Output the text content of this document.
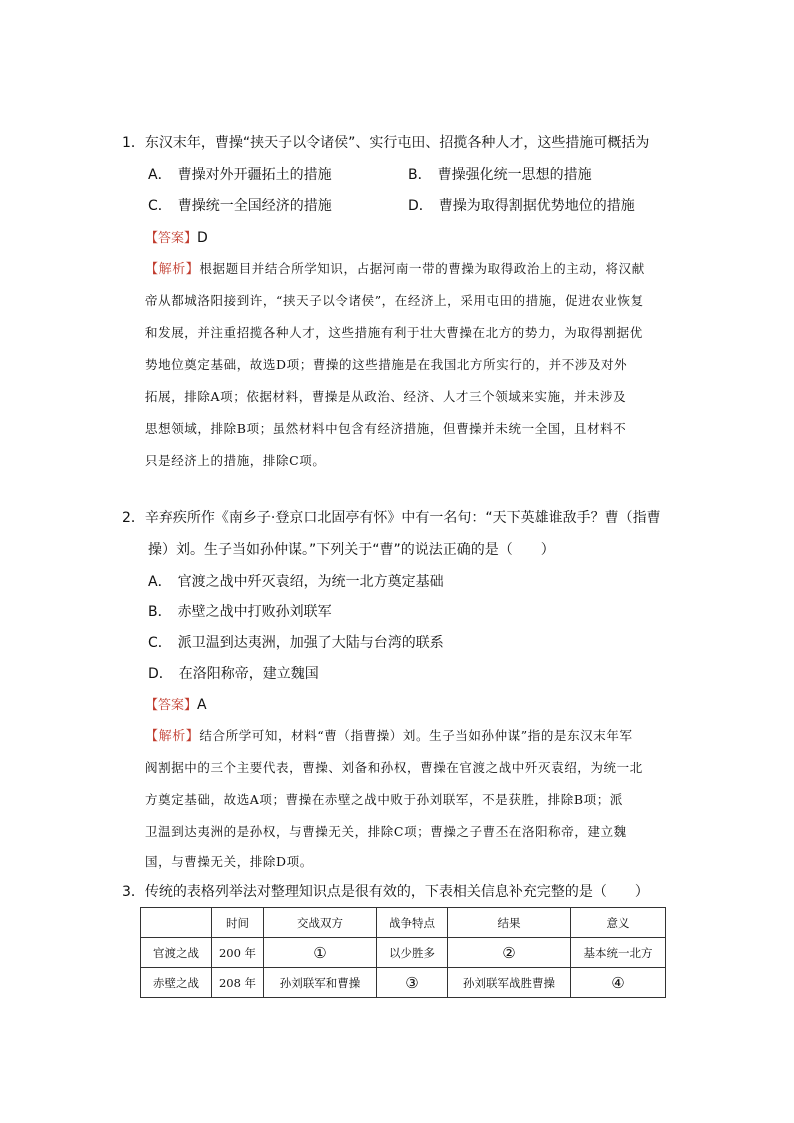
1．东汉末年，曹操“挟天子以令诸侯”、实行屯田、招揽各种人才，这些措施可概括为
A． 曹操对外开疆拓土的措施	B． 曹操强化统一思想的措施
C． 曹操统一全国经济的措施	D． 曹操为取得割据优势地位的措施
【答案】D
【解析】根据题目并结合所学知识，占据河南一带的曹操为取得政治上的主动，将汉献
帝从都城洛阳接到许，“挟天子以令诸侯”，在经济上，采用屯田的措施，促进农业恢复
和发展，并注重招揽各种人才，这些措施有利于壮大曹操在北方的势力，为取得割据优
势地位奠定基础，故选D项；曹操的这些措施是在我国北方所实行的，并不涉及对外
拓展，排除A项；依据材料，曹操是从政治、经济、人才三个领域来实施，并未涉及
思想领域，排除B项；虽然材料中包含有经济措施，但曹操并未统一全国，且材料不
只是经济上的措施，排除C项。
2．辛弃疾所作《南乡子·登京口北固亭有怀》中有一名句：“天下英雄谁敌手？曹（指曹
操）刘。生子当如孙仲谋。”下列关于“曹”的说法正确的是（　　）
A． 官渡之战中歼灭袁绍，为统一北方奠定基础
B． 赤壁之战中打败孙刘联军
C． 派卫温到达夷洲，加强了大陆与台湾的联系
D． 在洛阳称帝，建立魏国
【答案】A
【解析】结合所学可知，材料“曹（指曹操）刘。生子当如孙仲谋”指的是东汉末年军
阀割据中的三个主要代表，曹操、刘备和孙权，曹操在官渡之战中歼灭袁绍，为统一北
方奠定基础，故选A项；曹操在赤壁之战中败于孙刘联军，不是获胜，排除B项；派
卫温到达夷洲的是孙权，与曹操无关，排除C项；曹操之子曹丕在洛阳称帝，建立魏
国，与曹操无关，排除D项。
3．传统的表格列举法对整理知识点是很有效的，下表相关信息补充完整的是（　　）
	时间	交战双方	战争特点	结果	意义
官渡之战	200 年	①	以少胜多	②	基本统一北方
赤壁之战	208 年	孙刘联军和曹操	③	孙刘联军战胜曹操	④
